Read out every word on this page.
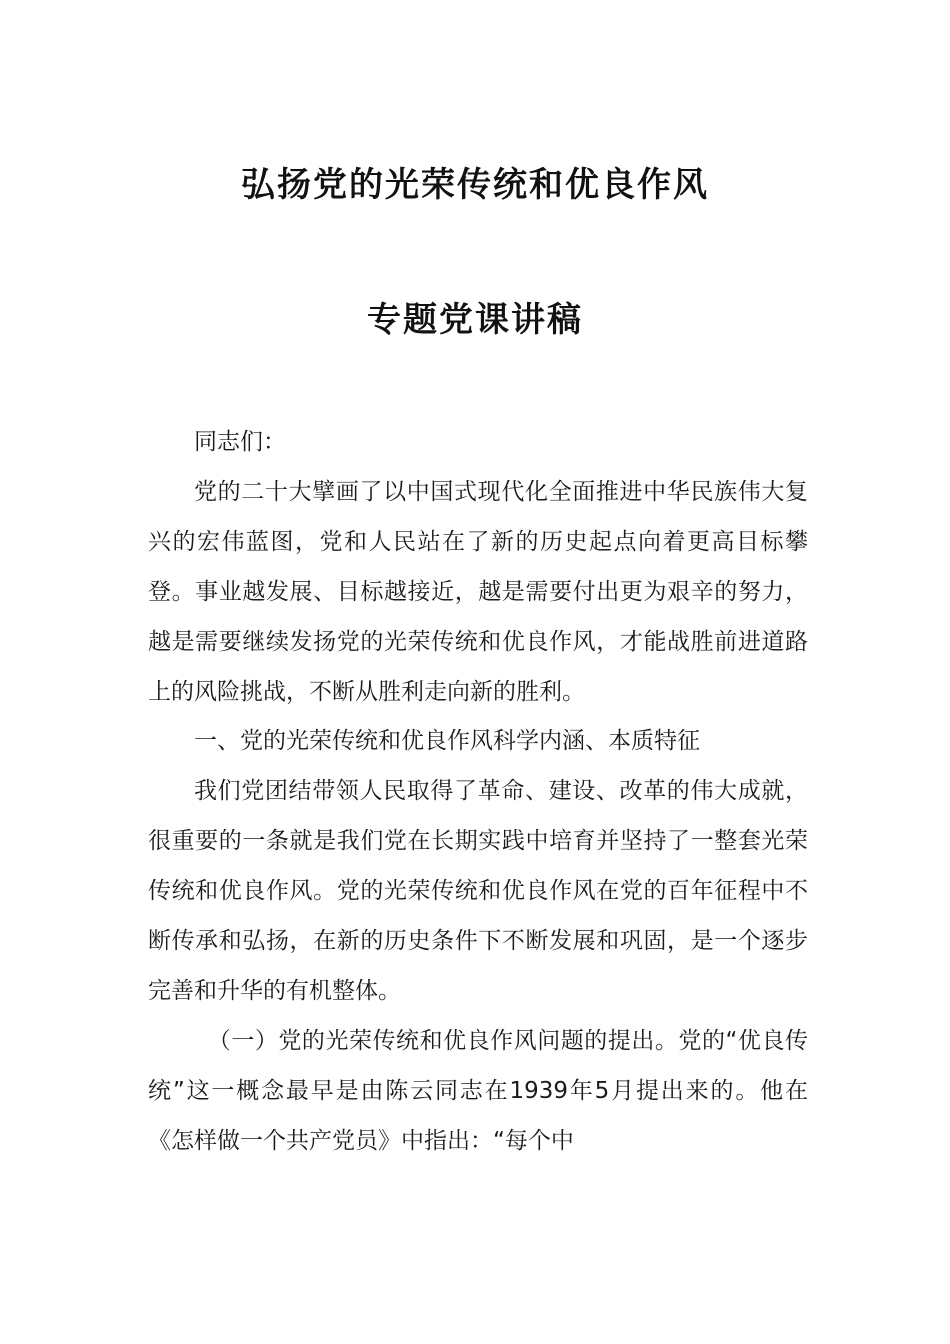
弘扬党的光荣传统和优良作风
专题党课讲稿

同志们：

党的二十大擘画了以中国式现代化全面推进中华民族伟大复兴的宏伟蓝图，党和人民站在了新的历史起点向着更高目标攀登。事业越发展、目标越接近，越是需要付出更为艰辛的努力，越是需要继续发扬党的光荣传统和优良作风，才能战胜前进道路上的风险挑战，不断从胜利走向新的胜利。

一、党的光荣传统和优良作风科学内涵、本质特征

我们党团结带领人民取得了革命、建设、改革的伟大成就，很重要的一条就是我们党在长期实践中培育并坚持了一整套光荣传统和优良作风。党的光荣传统和优良作风在党的百年征程中不断传承和弘扬，在新的历史条件下不断发展和巩固，是一个逐步完善和升华的有机整体。

（一）党的光荣传统和优良作风问题的提出。党的“优良传统”这一概念最早是由陈云同志在1939年5月提出来的。他在《怎样做一个共产党员》中指出：“每个中
